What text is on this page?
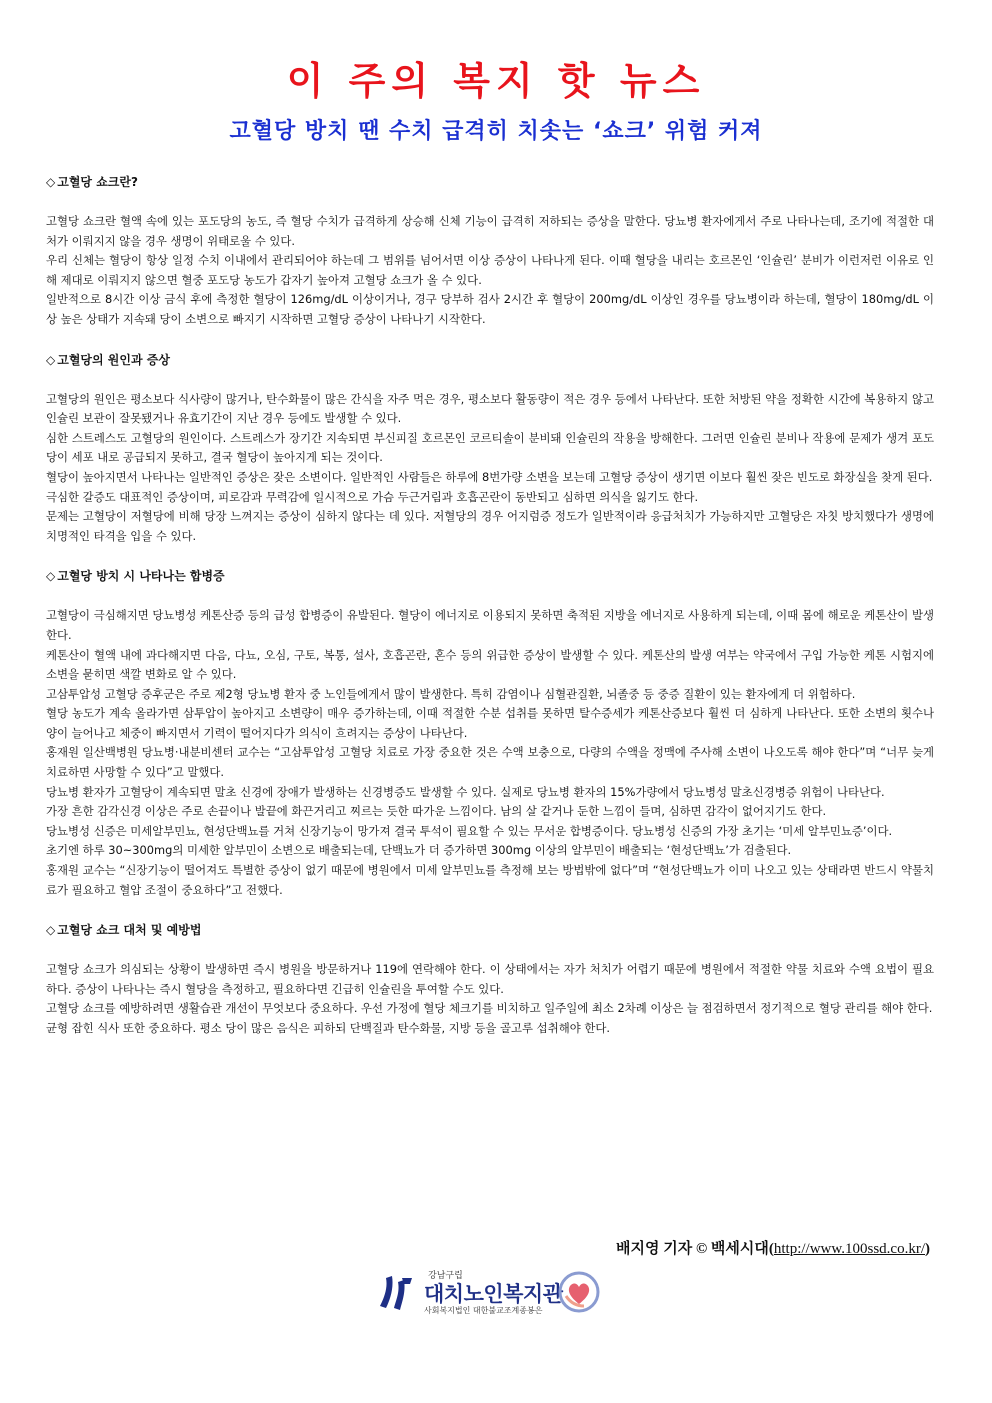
이 주의 복지 핫 뉴스
고혈당 방치 땐 수치 급격히 치솟는 ‘쇼크’ 위험 커져
◇ 고혈당 쇼크란?

고혈당 쇼크란 혈액 속에 있는 포도당의 농도, 즉 혈당 수치가 급격하게 상승해 신체 기능이 급격히 저하되는 증상을 말한다. 당뇨병 환자에게서 주로 나타나는데, 조기에 적절한 대처가 이뤄지지 않을 경우 생명이 위태로울 수 있다.

우리 신체는 혈당이 항상 일정 수치 이내에서 관리되어야 하는데 그 범위를 넘어서면 이상 증상이 나타나게 된다. 이때 혈당을 내리는 호르몬인 ‘인슐린’ 분비가 이런저런 이유로 인해 제대로 이뤄지지 않으면 혈중 포도당 농도가 갑자기 높아져 고혈당 쇼크가 올 수 있다.

일반적으로 8시간 이상 금식 후에 측정한 혈당이 126mg/dL 이상이거나, 경구 당부하 검사 2시간 후 혈당이 200mg/dL 이상인 경우를 당뇨병이라 하는데, 혈당이 180mg/dL 이상 높은 상태가 지속돼 당이 소변으로 빠지기 시작하면 고혈당 증상이 나타나기 시작한다.

◇ 고혈당의 원인과 증상

고혈당의 원인은 평소보다 식사량이 많거나, 탄수화물이 많은 간식을 자주 먹은 경우, 평소보다 활동량이 적은 경우 등에서 나타난다. 또한 처방된 약을 정확한 시간에 복용하지 않고 인슐린 보관이 잘못됐거나 유효기간이 지난 경우 등에도 발생할 수 있다.

심한 스트레스도 고혈당의 원인이다. 스트레스가 장기간 지속되면 부신피질 호르몬인 코르티솔이 분비돼 인슐린의 작용을 방해한다. 그러면 인슐린 분비나 작용에 문제가 생겨 포도당이 세포 내로 공급되지 못하고, 결국 혈당이 높아지게 되는 것이다.

혈당이 높아지면서 나타나는 일반적인 증상은 잦은 소변이다. 일반적인 사람들은 하루에 8번가량 소변을 보는데 고혈당 증상이 생기면 이보다 훨씬 잦은 빈도로 화장실을 찾게 된다.

극심한 갈증도 대표적인 증상이며, 피로감과 무력감에 일시적으로 가슴 두근거림과 호흡곤란이 동반되고 심하면 의식을 잃기도 한다.

문제는 고혈당이 저혈당에 비해 당장 느껴지는 증상이 심하지 않다는 데 있다. 저혈당의 경우 어지럼증 정도가 일반적이라 응급처치가 가능하지만 고혈당은 자칫 방치했다가 생명에 치명적인 타격을 입을 수 있다.

◇ 고혈당 방치 시 나타나는 합병증

고혈당이 극심해지면 당뇨병성 케톤산증 등의 급성 합병증이 유발된다. 혈당이 에너지로 이용되지 못하면 축적된 지방을 에너지로 사용하게 되는데, 이때 몸에 해로운 케톤산이 발생한다.

케톤산이 혈액 내에 과다해지면 다음, 다뇨, 오심, 구토, 복통, 설사, 호흡곤란, 혼수 등의 위급한 증상이 발생할 수 있다. 케톤산의 발생 여부는 약국에서 구입 가능한 케톤 시험지에 소변을 묻히면 색깔 변화로 알 수 있다.

고삼투압성 고혈당 증후군은 주로 제2형 당뇨병 환자 중 노인들에게서 많이 발생한다. 특히 감염이나 심혈관질환, 뇌졸중 등 중증 질환이 있는 환자에게 더 위험하다.

혈당 농도가 계속 올라가면 삼투압이 높아지고 소변량이 매우 증가하는데, 이때 적절한 수분 섭취를 못하면 탈수증세가 케톤산증보다 훨씬 더 심하게 나타난다. 또한 소변의 횟수나 양이 늘어나고 체중이 빠지면서 기력이 떨어지다가 의식이 흐려지는 증상이 나타난다.

홍재원 일산백병원 당뇨병·내분비센터 교수는 “고삼투압성 고혈당 치료로 가장 중요한 것은 수액 보충으로, 다량의 수액을 정맥에 주사해 소변이 나오도록 해야 한다”며 “너무 늦게 치료하면 사망할 수 있다”고 말했다.

당뇨병 환자가 고혈당이 계속되면 말초 신경에 장애가 발생하는 신경병증도 발생할 수 있다. 실제로 당뇨병 환자의 15%가량에서 당뇨병성 말초신경병증 위험이 나타난다.

가장 흔한 감각신경 이상은 주로 손끝이나 발끝에 화끈거리고 찌르는 듯한 따가운 느낌이다. 남의 살 같거나 둔한 느낌이 들며, 심하면 감각이 없어지기도 한다.

당뇨병성 신증은 미세알부민뇨, 현성단백뇨를 거쳐 신장기능이 망가져 결국 투석이 필요할 수 있는 무서운 합병증이다. 당뇨병성 신증의 가장 초기는 ‘미세 알부민뇨증’이다.

초기엔 하루 30~300mg의 미세한 알부민이 소변으로 배출되는데, 단백뇨가 더 증가하면 300mg 이상의 알부민이 배출되는 ‘현성단백뇨’가 검출된다.

홍재원 교수는 “신장기능이 떨어져도 특별한 증상이 없기 때문에 병원에서 미세 알부민뇨를 측정해 보는 방법밖에 없다”며 “현성단백뇨가 이미 나오고 있는 상태라면 반드시 약물치료가 필요하고 혈압 조절이 중요하다”고 전했다.

◇ 고혈당 쇼크 대처 및 예방법

고혈당 쇼크가 의심되는 상황이 발생하면 즉시 병원을 방문하거나 119에 연락해야 한다. 이 상태에서는 자가 처치가 어렵기 때문에 병원에서 적절한 약물 치료와 수액 요법이 필요하다. 증상이 나타나는 즉시 혈당을 측정하고, 필요하다면 긴급히 인슐린을 투여할 수도 있다.

고혈당 쇼크를 예방하려면 생활습관 개선이 무엇보다 중요하다. 우선 가정에 혈당 체크기를 비치하고 일주일에 최소 2차례 이상은 늘 점검하면서 정기적으로 혈당 관리를 해야 한다.

균형 잡힌 식사 또한 중요하다. 평소 당이 많은 음식은 피하되 단백질과 탄수화물, 지방 등을 골고루 섭취해야 한다.

배지영 기자 © 백세시대(http://www.100ssd.co.kr/)
강남구립
대치노인복지관
사회복지법인 대한불교조계종봉은
